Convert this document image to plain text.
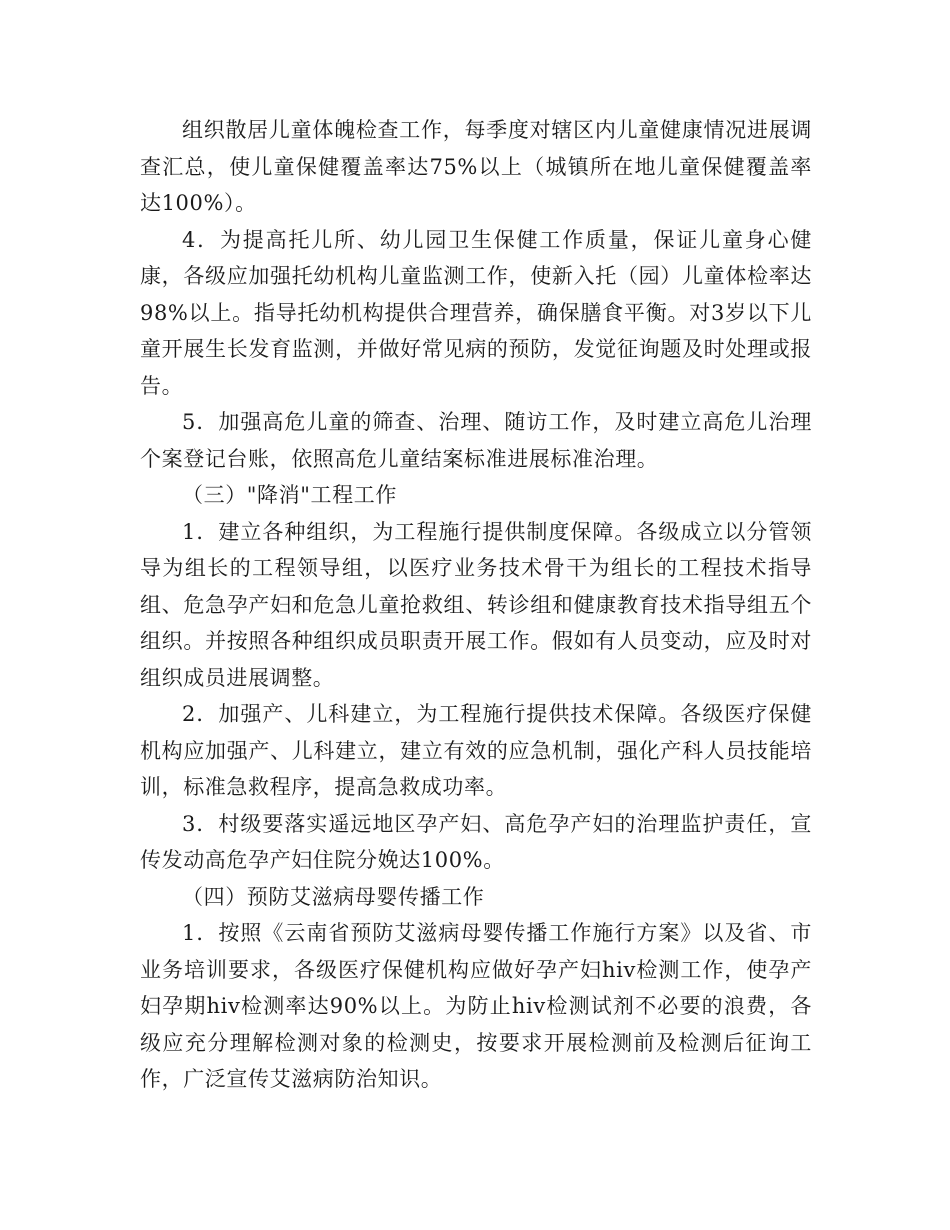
组织散居儿童体魄检查工作，每季度对辖区内儿童健康情况进展调查汇总，使儿童保健覆盖率达75%以上（城镇所在地儿童保健覆盖率达100%）。

4．为提高托儿所、幼儿园卫生保健工作质量，保证儿童身心健康，各级应加强托幼机构儿童监测工作，使新入托（园）儿童体检率达98%以上。指导托幼机构提供合理营养，确保膳食平衡。对3岁以下儿童开展生长发育监测，并做好常见病的预防，发觉征询题及时处理或报告。

5．加强高危儿童的筛查、治理、随访工作，及时建立高危儿治理个案登记台账，依照高危儿童结案标准进展标准治理。

（三）"降消"工程工作

1．建立各种组织，为工程施行提供制度保障。各级成立以分管领导为组长的工程领导组，以医疗业务技术骨干为组长的工程技术指导组、危急孕产妇和危急儿童抢救组、转诊组和健康教育技术指导组五个组织。并按照各种组织成员职责开展工作。假如有人员变动，应及时对组织成员进展调整。

2．加强产、儿科建立，为工程施行提供技术保障。各级医疗保健机构应加强产、儿科建立，建立有效的应急机制，强化产科人员技能培训，标准急救程序，提高急救成功率。

3．村级要落实遥远地区孕产妇、高危孕产妇的治理监护责任，宣传发动高危孕产妇住院分娩达100%。

（四）预防艾滋病母婴传播工作

1．按照《云南省预防艾滋病母婴传播工作施行方案》以及省、市业务培训要求，各级医疗保健机构应做好孕产妇hiv检测工作，使孕产妇孕期hiv检测率达90%以上。为防止hiv检测试剂不必要的浪费，各级应充分理解检测对象的检测史，按要求开展检测前及检测后征询工作，广泛宣传艾滋病防治知识。
